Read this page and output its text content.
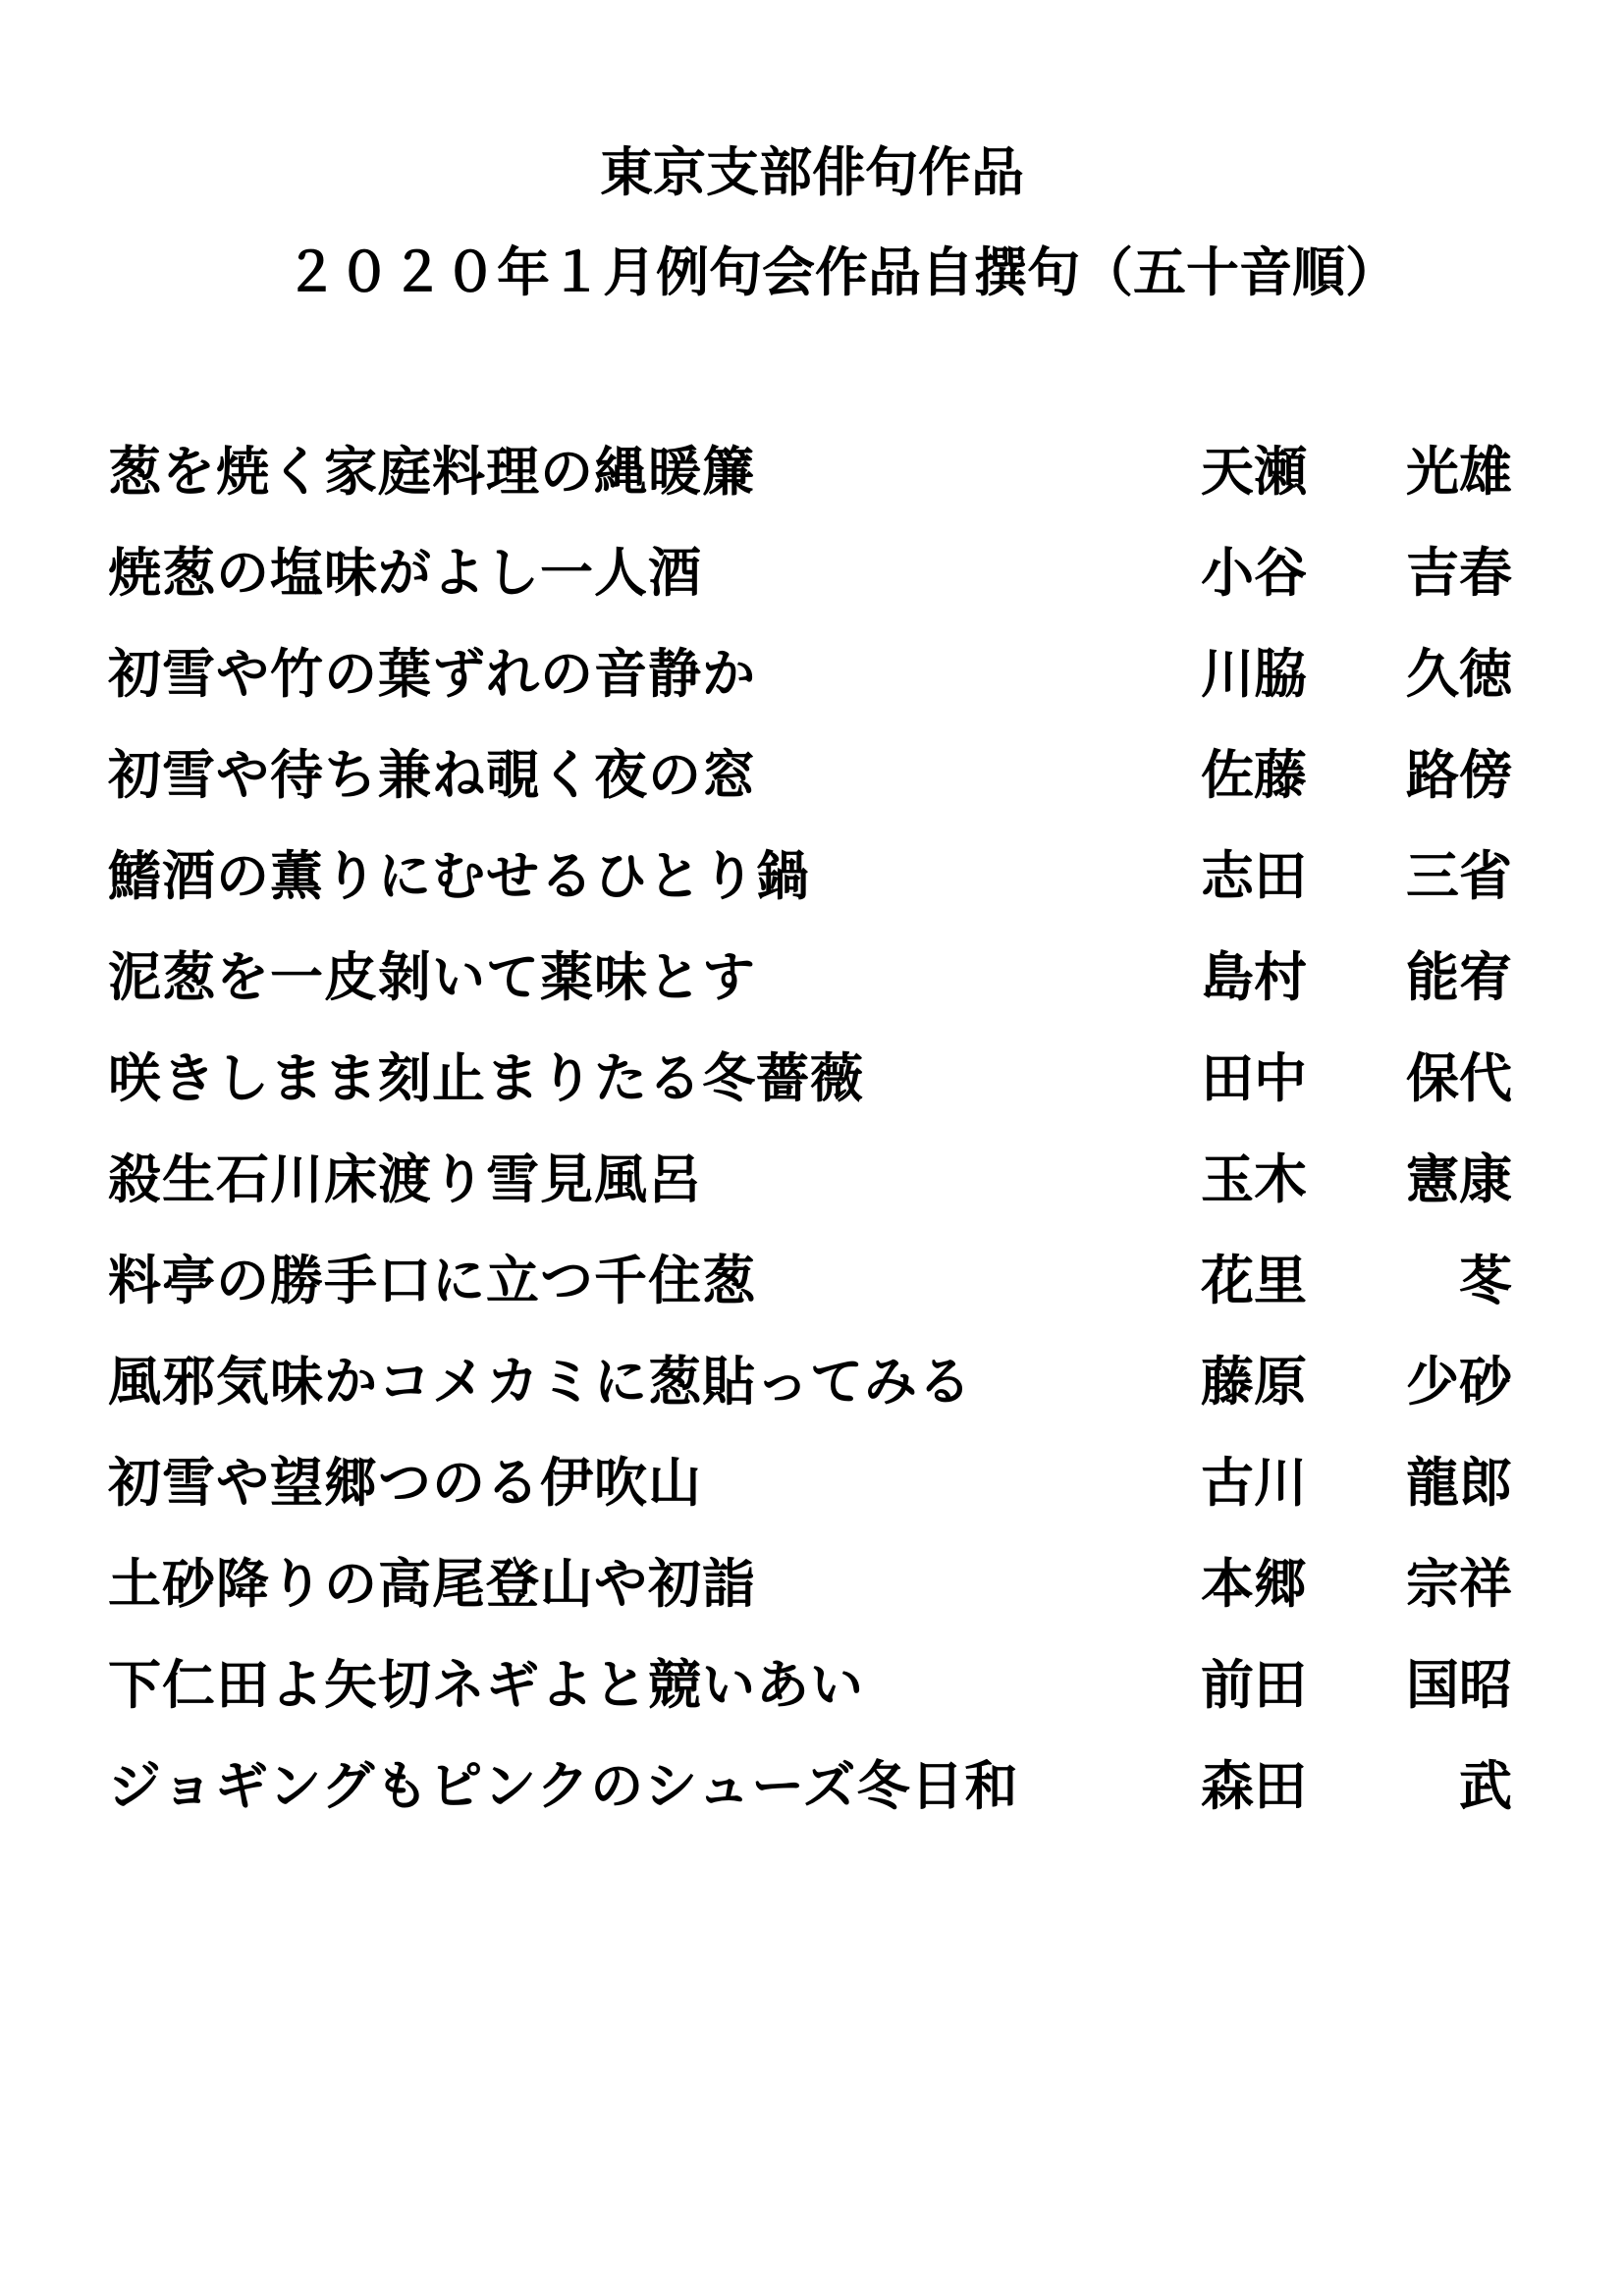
東京支部俳句作品
２０２０年１月例句会作品自撰句（五十音順）
葱を焼く家庭料理の縄暖簾	天瀬 光雄
焼葱の塩味がよし一人酒	小谷 吉春
初雪や竹の葉ずれの音静か	川脇 久徳
初雪や待ち兼ね覗く夜の窓	佐藤 路傍
鰭酒の薫りにむせるひとり鍋	志田 三省
泥葱を一皮剝いて薬味とす	島村 能宥
咲きしまま刻止まりたる冬薔薇	田中 保代
殺生石川床渡り雪見風呂	玉木 憲康
料亭の勝手口に立つ千住葱	花里	苳
風邪気味かコメカミに葱貼ってみる	藤原 少砂
初雪や望郷つのる伊吹山	古川 龍郎
土砂降りの高尾登山や初詣	本郷 宗祥
下仁田よ矢切ネギよと競いあい	前田 国昭
ジョギングもピンクのシューズ冬日和	森田	武
